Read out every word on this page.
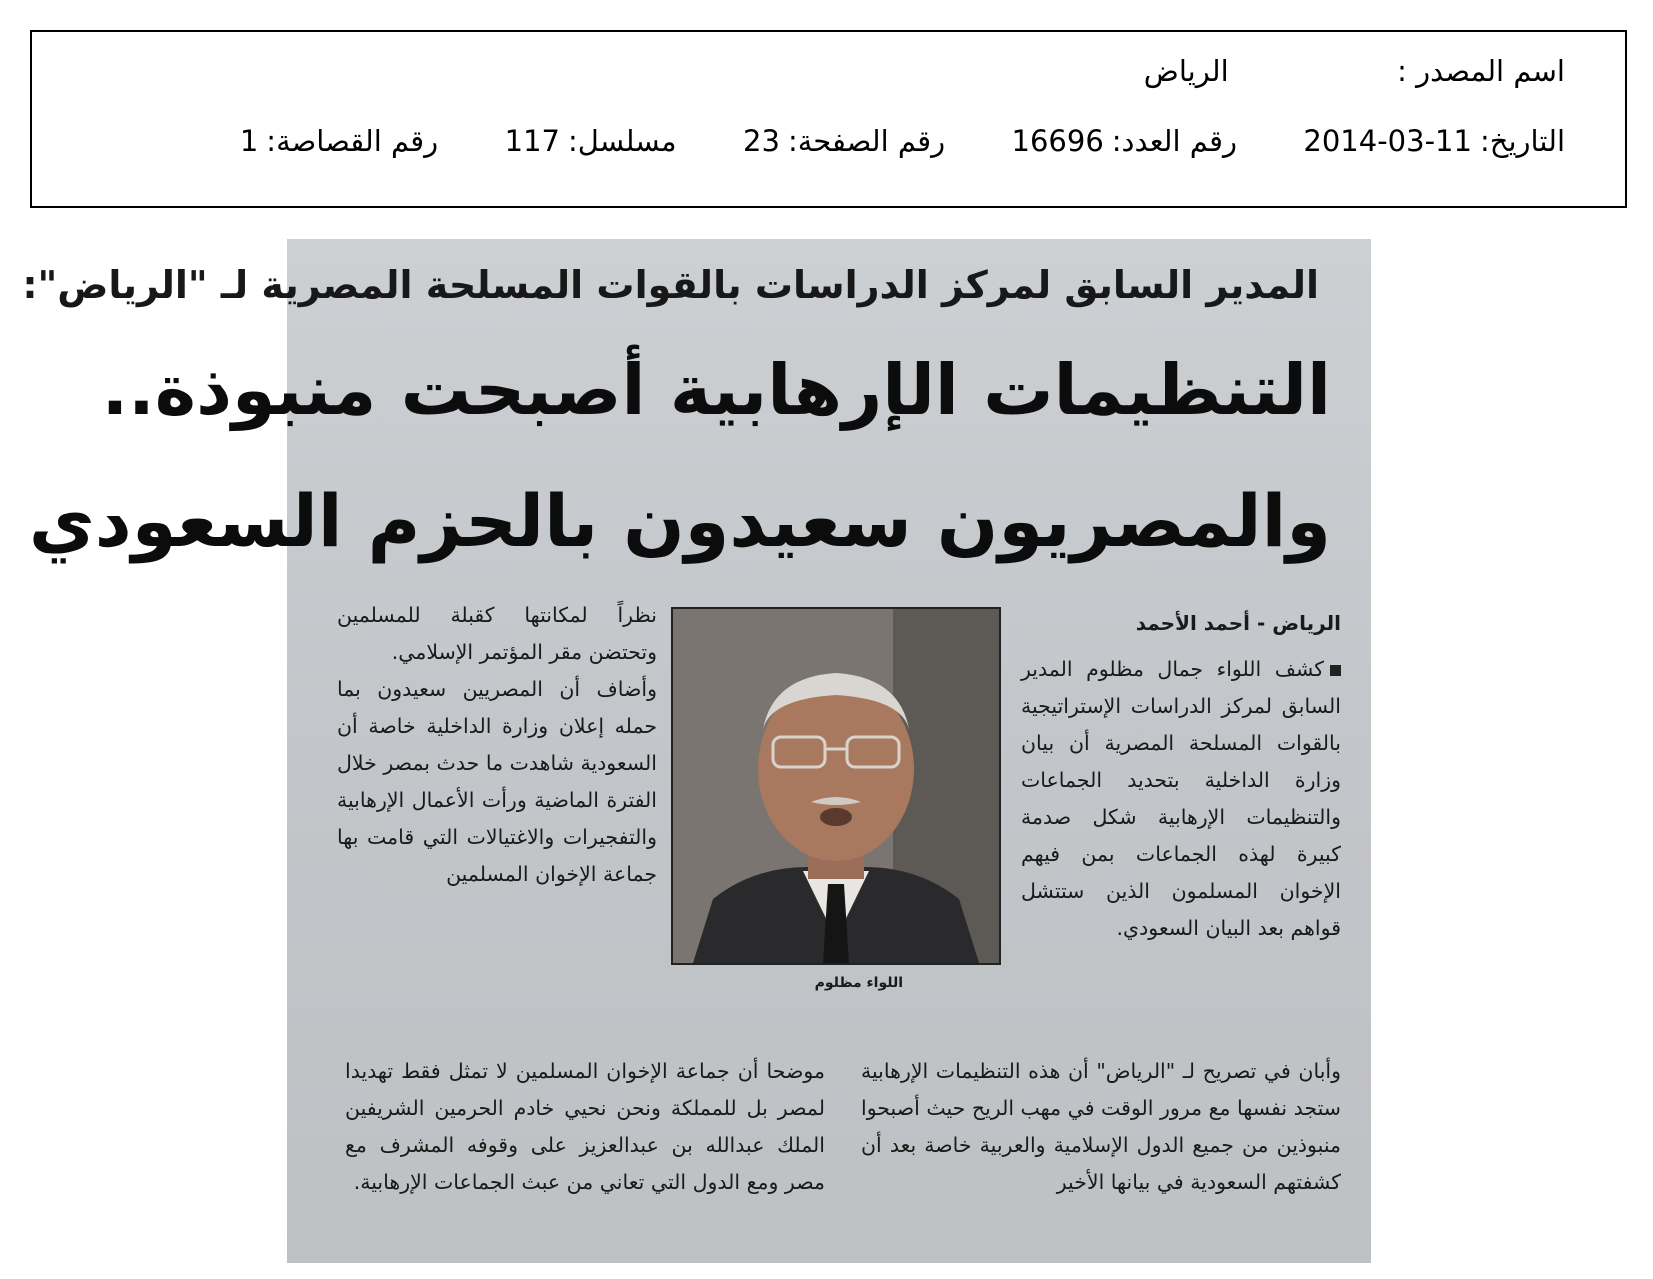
اسم المصدر :  الرياض
التاريخ:2014-03-11  رقم العدد:16696  رقم الصفحة:23  مسلسل:117  رقم القصاصة:1
المدير السابق لمركز الدراسات بالقوات المسلحة المصرية لـ "الرياض":
التنظيمات الإرهابية أصبحت منبوذة..
والمصريون سعيدون بالحزم السعودي
الرياض - أحمد الأحمد

كشف اللواء جمال مظلوم المدير السابق لمركز الدراسات الإستراتيجية بالقوات المسلحة المصرية أن بيان وزارة الداخلية بتحديد الجماعات والتنظيمات الإرهابية شكل صدمة كبيرة لهذه الجماعات بمن فيهم الإخوان المسلمون الذين ستتشل قواهم بعد البيان السعودي.

اللواء مظلوم

نظراً لمكانتها كقبلة للمسلمين وتحتضن مقر المؤتمر الإسلامي.

وأضاف أن المصريين سعيدون بما حمله إعلان وزارة الداخلية خاصة أن السعودية شاهدت ما حدث بمصر خلال الفترة الماضية ورأت الأعمال الإرهابية والتفجيرات والاغتيالات التي قامت بها جماعة الإخوان المسلمين

وأبان في تصريح لـ "الرياض" أن هذه التنظيمات الإرهابية ستجد نفسها مع مرور الوقت في مهب الريح حيث أصبحوا منبوذين من جميع الدول الإسلامية والعربية خاصة بعد أن كشفتهم السعودية في بيانها الأخير

موضحا أن جماعة الإخوان المسلمين لا تمثل فقط تهديدا لمصر بل للمملكة ونحن نحيي خادم الحرمين الشريفين الملك عبدالله بن عبدالعزيز على وقوفه المشرف مع مصر ومع الدول التي تعاني من عبث الجماعات الإرهابية.
